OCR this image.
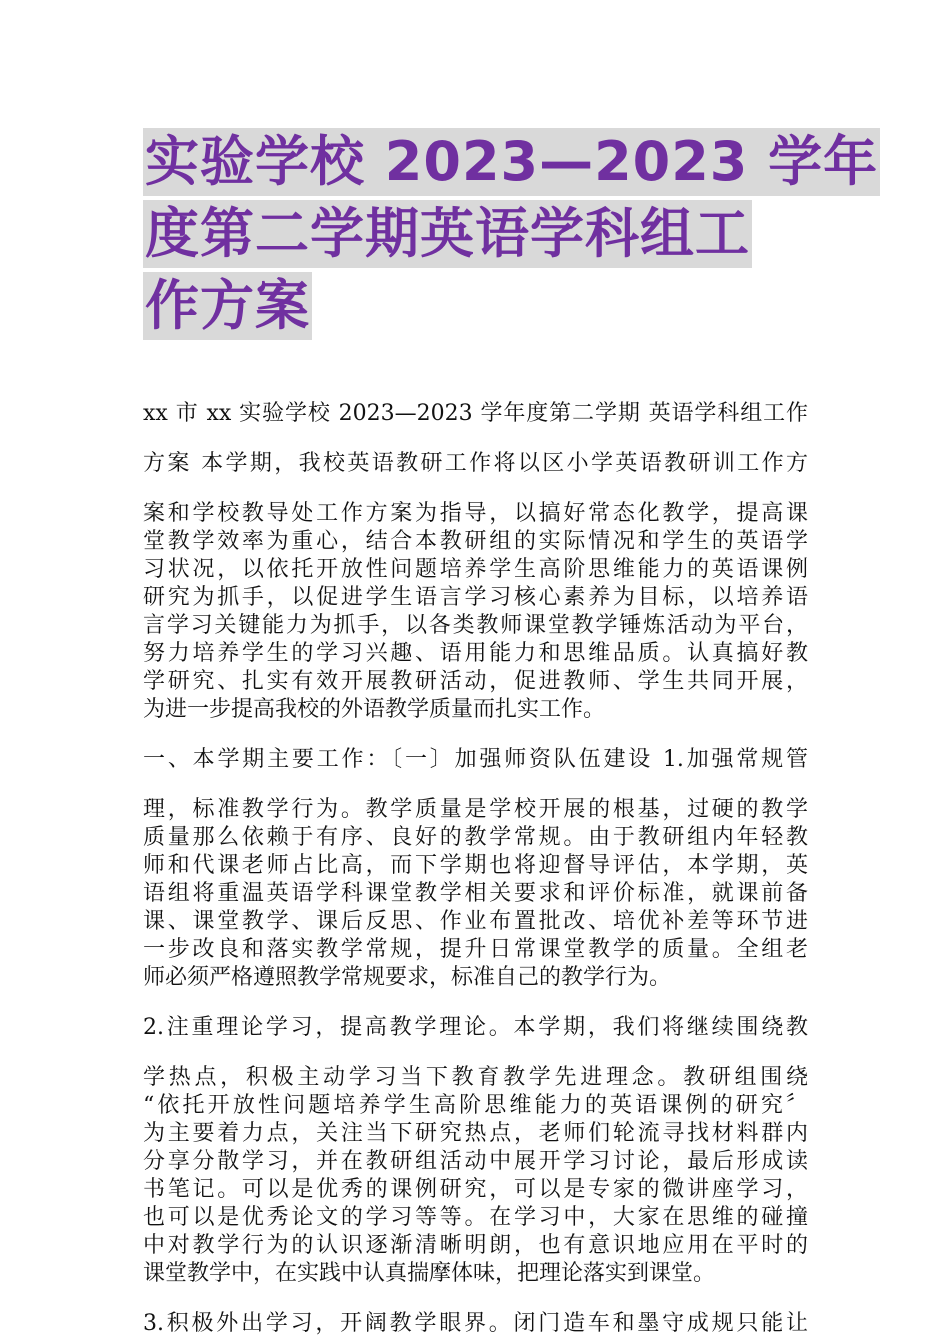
实验学校 2023—2023 学年
度第二学期英语学科组工
作方案
xx 市 xx 实验学校 2023—2023 学年度第二学期 英语学科组工作
方案 本学期，我校英语教研工作将以区小学英语教研训工作方
案和学校教导处工作方案为指导，以搞好常态化教学，提高课
堂教学效率为重心，结合本教研组的实际情况和学生的英语学
习状况，以依托开放性问题培养学生高阶思维能力的英语课例
研究为抓手，以促进学生语言学习核心素养为目标，以培养语
言学习关键能力为抓手，以各类教师课堂教学锤炼活动为平台，
努力培养学生的学习兴趣、语用能力和思维品质。认真搞好教
学研究、扎实有效开展教研活动，促进教师、学生共同开展，
为进一步提高我校的外语教学质量而扎实工作。
一、本学期主要工作：〔一〕加强师资队伍建设 1.加强常规管
理，标准教学行为。教学质量是学校开展的根基，过硬的教学
质量那么依赖于有序、良好的教学常规。由于教研组内年轻教
师和代课老师占比高，而下学期也将迎督导评估，本学期，英
语组将重温英语学科课堂教学相关要求和评价标准，就课前备
课、课堂教学、课后反思、作业布置批改、培优补差等环节进
一步改良和落实教学常规，提升日常课堂教学的质量。全组老
师必须严格遵照教学常规要求，标准自己的教学行为。
2.注重理论学习，提高教学理论。本学期，我们将继续围绕教
学热点，积极主动学习当下教育教学先进理念。教研组围绕
“依托开放性问题培养学生高阶思维能力的英语课例的研究〞
为主要着力点，关注当下研究热点，老师们轮流寻找材料群内
分享分散学习，并在教研组活动中展开学习讨论，最后形成读
书笔记。可以是优秀的课例研究，可以是专家的微讲座学习，
也可以是优秀论文的学习等等。在学习中，大家在思维的碰撞
中对教学行为的认识逐渐清晰明朗，也有意识地应用在平时的
课堂教学中，在实践中认真揣摩体味，把理论落实到课堂。
3.积极外出学习，开阔教学眼界。闭门造车和墨守成规只能让
